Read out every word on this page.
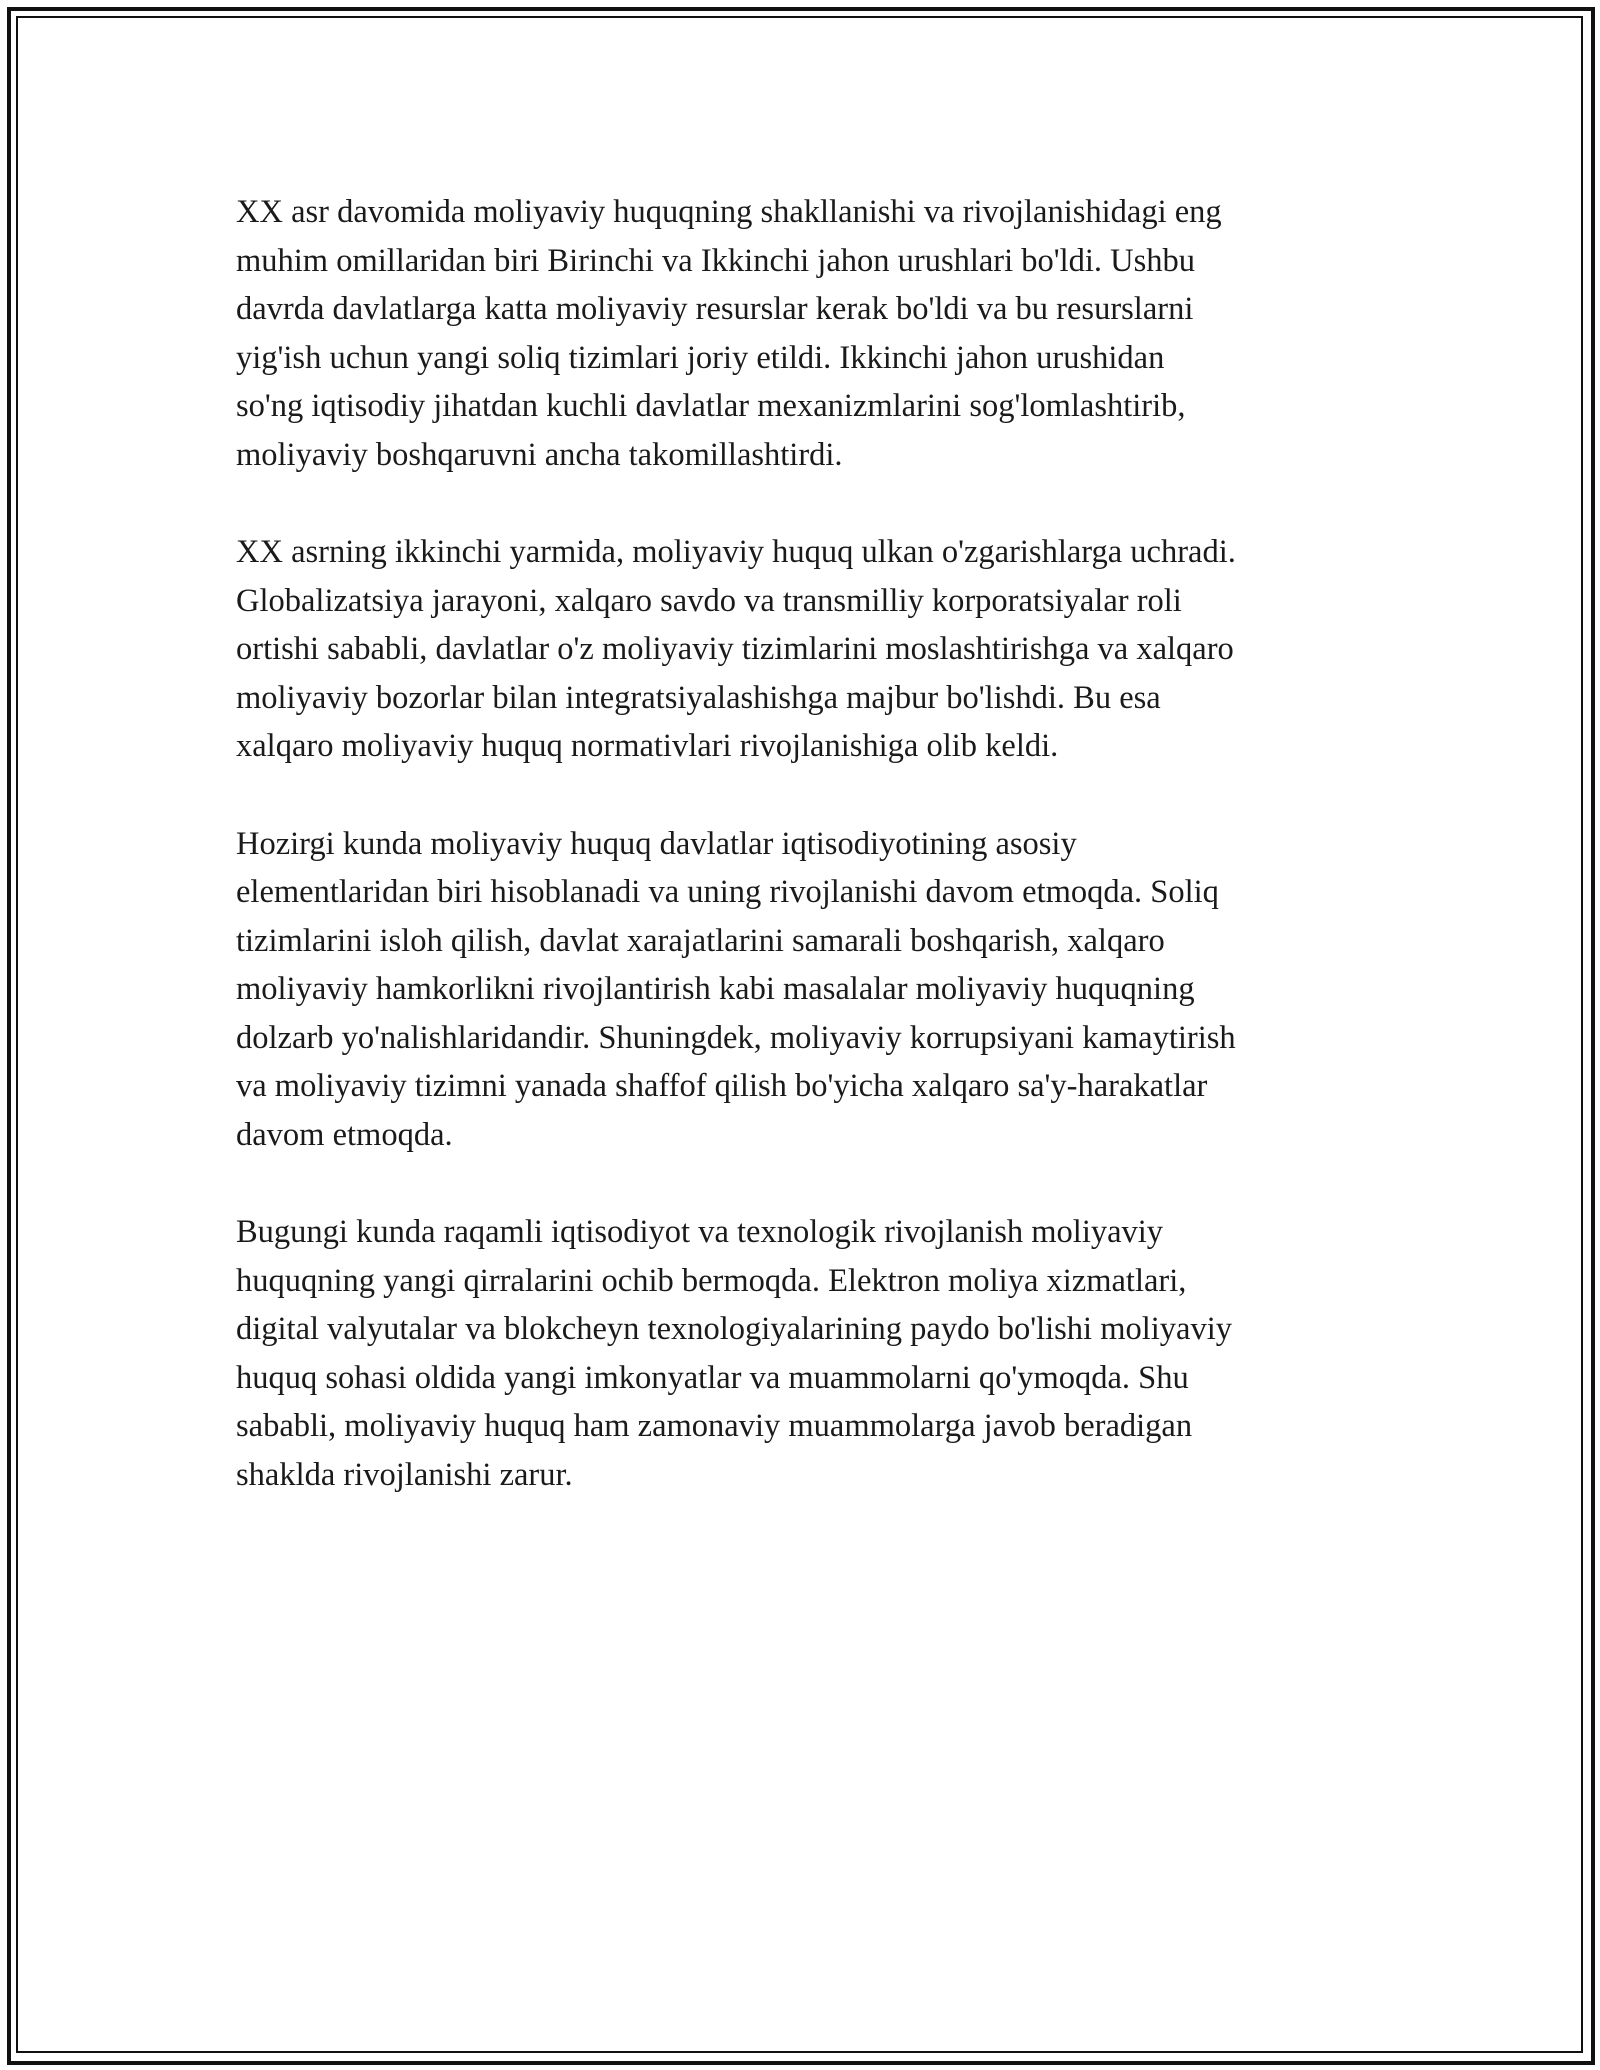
XX asr davomida moliyaviy huquqning shakllanishi va rivojlanishidagi eng
muhim omillaridan biri Birinchi va Ikkinchi jahon urushlari bo'ldi. Ushbu
davrda davlatlarga katta moliyaviy resurslar kerak bo'ldi va bu resurslarni
yig'ish uchun yangi soliq tizimlari joriy etildi. Ikkinchi jahon urushidan
so'ng iqtisodiy jihatdan kuchli davlatlar mexanizmlarini sog'lomlashtirib,
moliyaviy boshqaruvni ancha takomillashtirdi.

XX asrning ikkinchi yarmida, moliyaviy huquq ulkan o'zgarishlarga uchradi.
Globalizatsiya jarayoni, xalqaro savdo va transmilliy korporatsiyalar roli
ortishi sababli, davlatlar o'z moliyaviy tizimlarini moslashtirishga va xalqaro
moliyaviy bozorlar bilan integratsiyalashishga majbur bo'lishdi. Bu esa
xalqaro moliyaviy huquq normativlari rivojlanishiga olib keldi.

Hozirgi kunda moliyaviy huquq davlatlar iqtisodiyotining asosiy
elementlaridan biri hisoblanadi va uning rivojlanishi davom etmoqda. Soliq
tizimlarini isloh qilish, davlat xarajatlarini samarali boshqarish, xalqaro
moliyaviy hamkorlikni rivojlantirish kabi masalalar moliyaviy huquqning
dolzarb yo'nalishlaridandir. Shuningdek, moliyaviy korrupsiyani kamaytirish
va moliyaviy tizimni yanada shaffof qilish bo'yicha xalqaro sa'y-harakatlar
davom etmoqda.

Bugungi kunda raqamli iqtisodiyot va texnologik rivojlanish moliyaviy
huquqning yangi qirralarini ochib bermoqda. Elektron moliya xizmatlari,
digital valyutalar va blokcheyn texnologiyalarining paydo bo'lishi moliyaviy
huquq sohasi oldida yangi imkonyatlar va muammolarni qo'ymoqda. Shu
sababli, moliyaviy huquq ham zamonaviy muammolarga javob beradigan
shaklda rivojlanishi zarur.
